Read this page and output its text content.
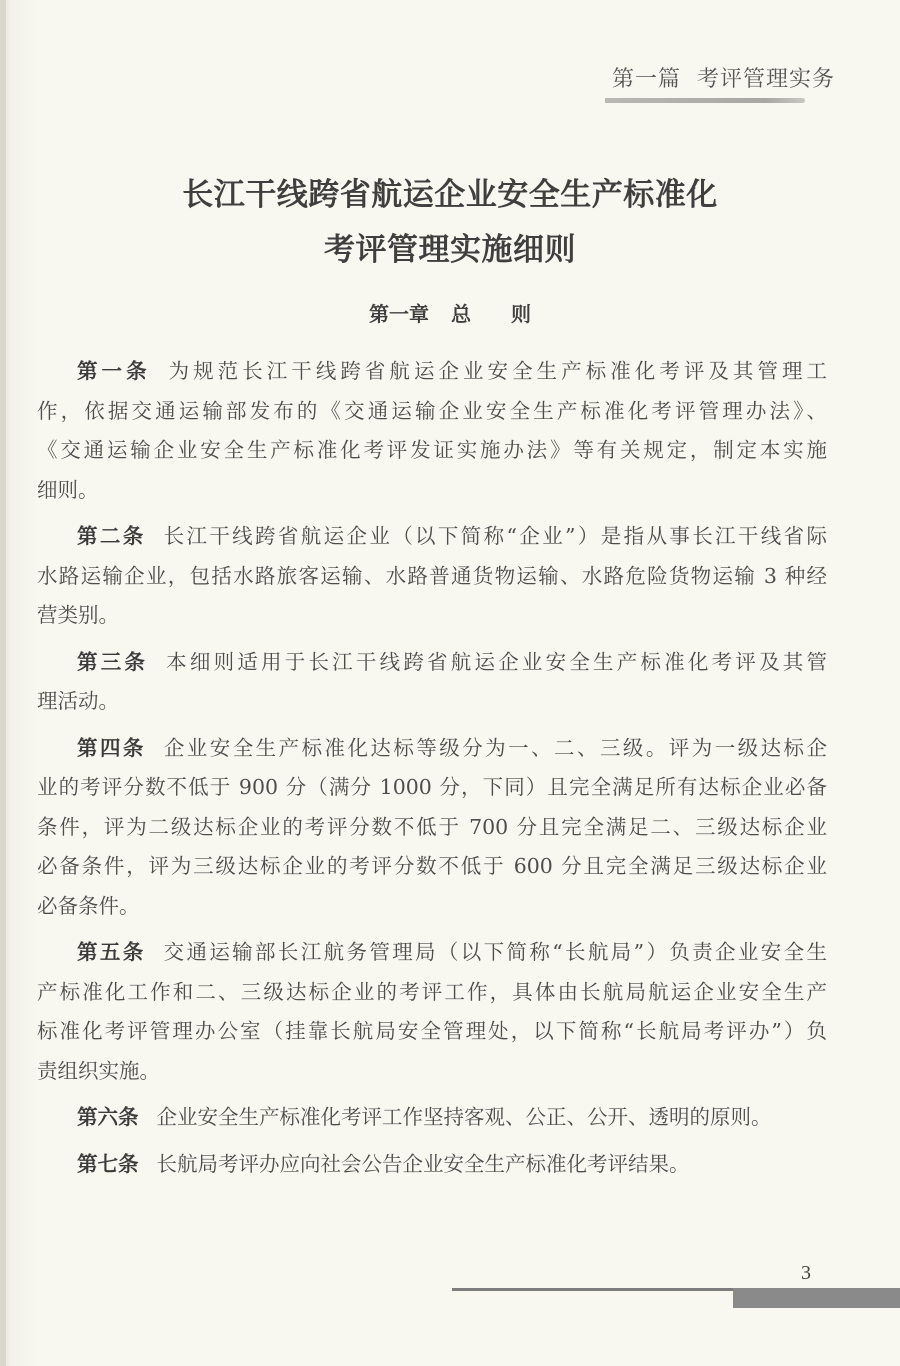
第一篇 考评管理实务
长江干线跨省航运企业安全生产标准化
考评管理实施细则
第一章 总 则
第一条 为规范长江干线跨省航运企业安全生产标准化考评及其管理工
作，依据交通运输部发布的《交通运输企业安全生产标准化考评管理办法》、
《交通运输企业安全生产标准化考评发证实施办法》等有关规定，制定本实施
细则。
第二条 长江干线跨省航运企业（以下简称“企业”）是指从事长江干线省际
水路运输企业，包括水路旅客运输、水路普通货物运输、水路危险货物运输 3 种经
营类别。
第三条 本细则适用于长江干线跨省航运企业安全生产标准化考评及其管
理活动。
第四条 企业安全生产标准化达标等级分为一、二、三级。评为一级达标企
业的考评分数不低于 900 分（满分 1000 分，下同）且完全满足所有达标企业必备
条件，评为二级达标企业的考评分数不低于 700 分且完全满足二、三级达标企业
必备条件，评为三级达标企业的考评分数不低于 600 分且完全满足三级达标企业
必备条件。
第五条 交通运输部长江航务管理局（以下简称“长航局”）负责企业安全生
产标准化工作和二、三级达标企业的考评工作，具体由长航局航运企业安全生产
标准化考评管理办公室（挂靠长航局安全管理处，以下简称“长航局考评办”）负
责组织实施。
第六条 企业安全生产标准化考评工作坚持客观、公正、公开、透明的原则。
第七条 长航局考评办应向社会公告企业安全生产标准化考评结果。
3
